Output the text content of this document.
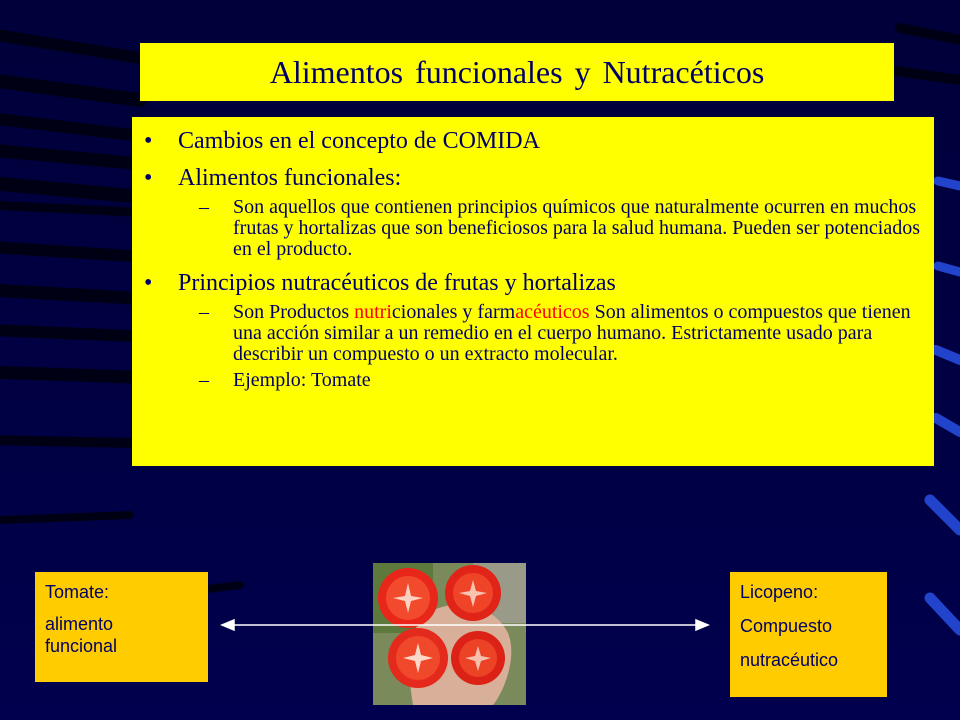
Alimentos funcionales y Nutracéticos
•	Cambios en el concepto de COMIDA
•	Alimentos funcionales:
–	Son aquellos que contienen principios químicos que naturalmente ocurren en muchos frutas y hortalizas que son beneficiosos para la salud humana. Pueden ser potenciados en el producto.
•	Principios nutracéuticos de frutas y hortalizas
–	Son Productos nutricionales y farmacéuticos Son alimentos o compuestos que tienen una acción similar a un remedio en el cuerpo humano. Estrictamente usado para describir un compuesto o un extracto molecular.
–	Ejemplo: Tomate
Tomate:
alimento
funcional
Licopeno:
Compuesto
nutracéutico
